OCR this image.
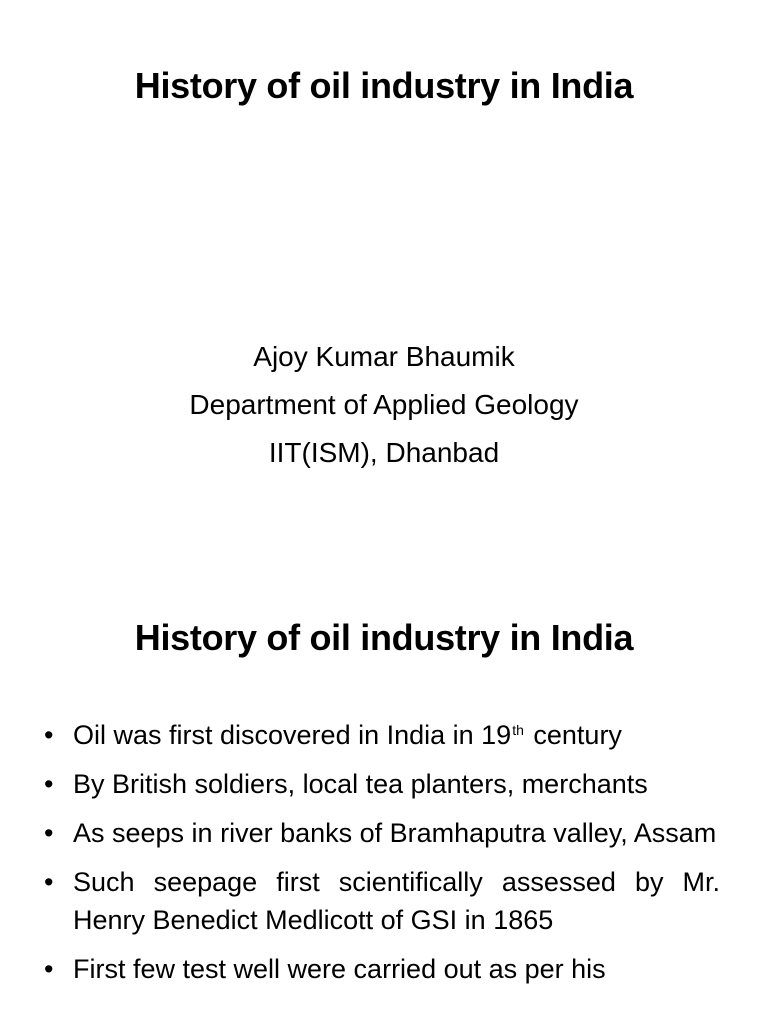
History of oil industry in India
Ajoy Kumar Bhaumik
Department of Applied Geology
IIT(ISM), Dhanbad
History of oil industry in India
• Oil was first discovered in India in 19th century
• By British soldiers, local tea planters, merchants
• As seeps in river banks of Bramhaputra valley, Assam
• Such seepage first scientifically assessed by Mr. Henry Benedict Medlicott of GSI in 1865
• First few test well were carried out as per his
